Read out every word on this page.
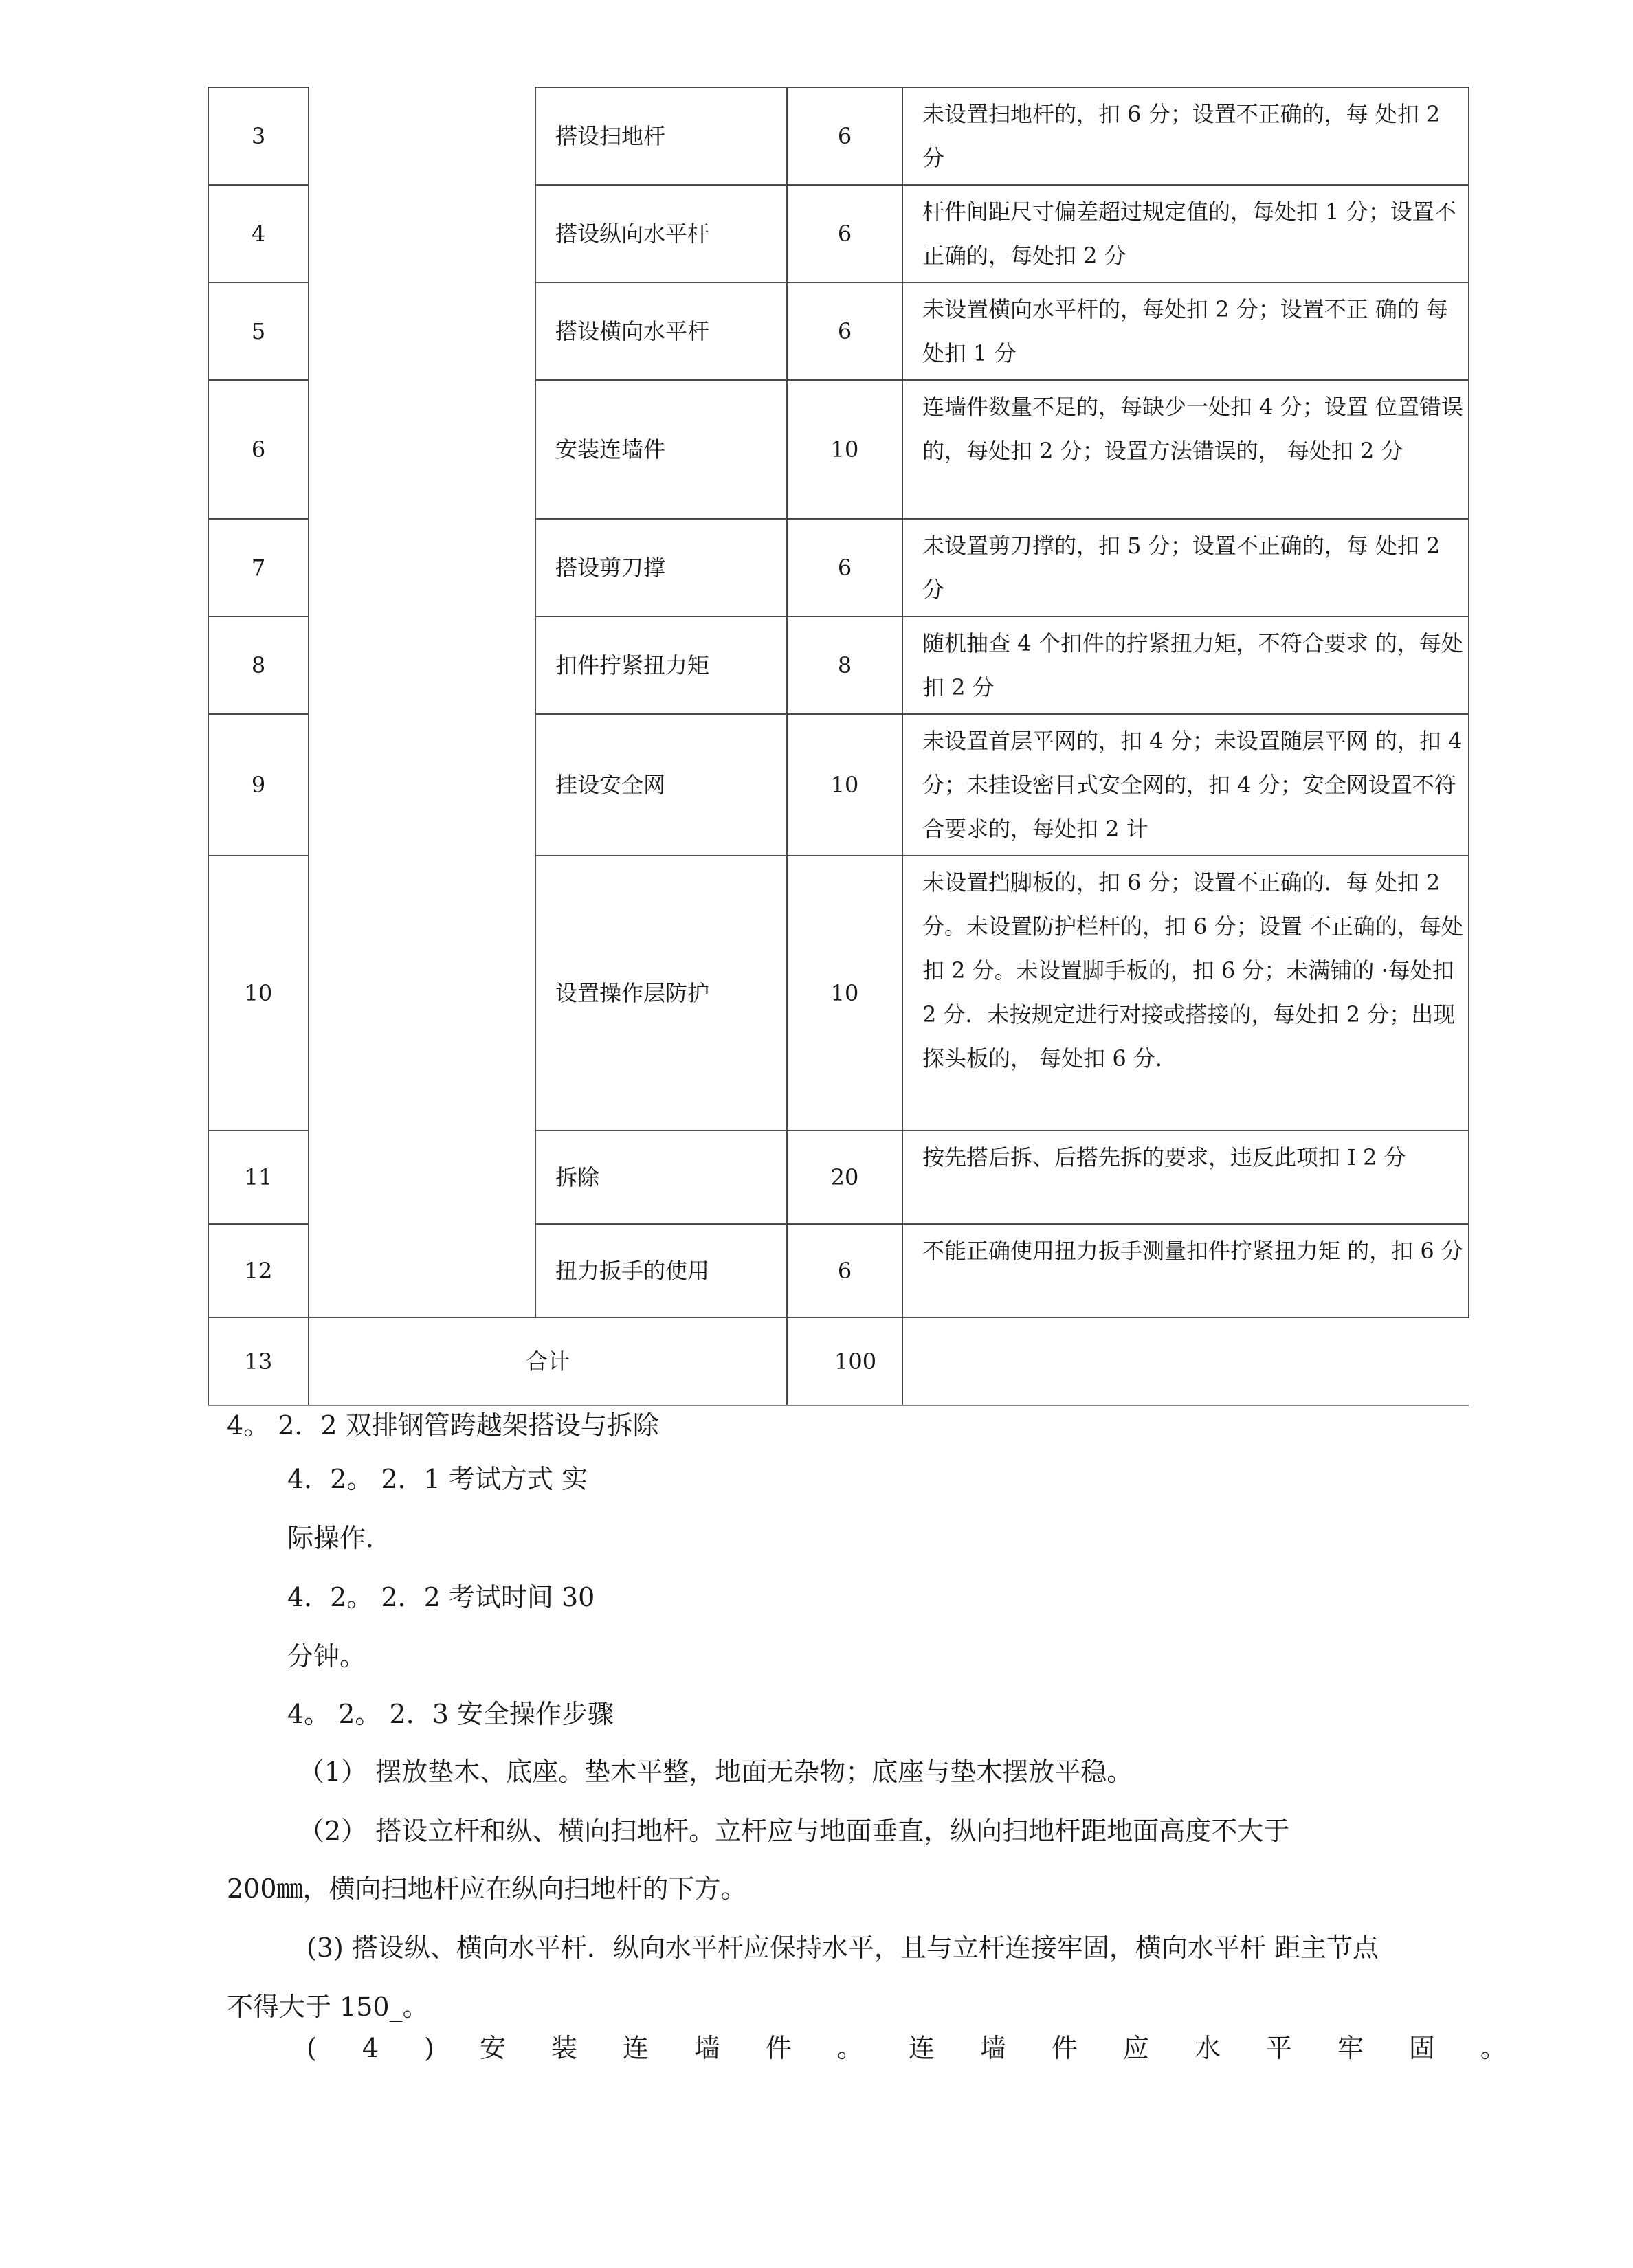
3		搭设扫地杆	6	未设置扫地杆的，扣 6 分；设置不正确的，每 处扣 2 分
4		搭设纵向水平杆	6	杆件间距尺寸偏差超过规定值的，每处扣 1 分；设置不正确的，每处扣 2 分
5		搭设横向水平杆	6	未设置横向水平杆的，每处扣 2 分；设置不正 确的 每处扣 1 分
6		安装连墙件	10	连墙件数量不足的，每缺少一处扣 4 分；设置 位置错误的，每处扣 2 分；设置方法错误的， 每处扣 2 分
7		搭设剪刀撑	6	未设置剪刀撑的，扣 5 分；设置不正确的，每 处扣 2 分
8		扣件拧紧扭力矩	8	随机抽查 4 个扣件的拧紧扭力矩，不符合要求 的，每处扣 2 分
9		挂设安全网	10	未设置首层平网的，扣 4 分；未设置随层平网 的，扣 4 分；未挂设密目式安全网的，扣 4 分；安全网设置不符合要求的，每处扣 2 计
10		设置操作层防护	10	未设置挡脚板的，扣 6 分；设置不正确的．每 处扣 2 分。未设置防护栏杆的，扣 6 分；设置 不正确的，每处扣 2 分。未设置脚手板的，扣 6 分；未满铺的 ·每处扣 2 分．未按规定进行对接或搭接的，每处扣 2 分；出现探头板的， 每处扣 6 分．
11		拆除	20	按先搭后拆、后搭先拆的要求，违反此项扣 I 2 分
12		扭力扳手的使用	6	不能正确使用扭力扳手测量扣件拧紧扭力矩 的，扣 6 分
13	合计		100	
4。 2．2 双排钢管跨越架搭设与拆除
4．2。 2．1 考试方式 实
际操作．
4．2。 2．2 考试时间 30
分钟。
4。 2。 2．3 安全操作步骤
（1） 摆放垫木、底座。垫木平整，地面无杂物；底座与垫木摆放平稳。
（2） 搭设立杆和纵、横向扫地杆。立杆应与地面垂直，纵向扫地杆距地面高度不大于
200㎜，横向扫地杆应在纵向扫地杆的下方。
(3) 搭设纵、横向水平杆．纵向水平杆应保持水平，且与立杆连接牢固，横向水平杆 距主节点
不得大于 150_。
(4)安装连墙件。连墙件应水平牢固。
